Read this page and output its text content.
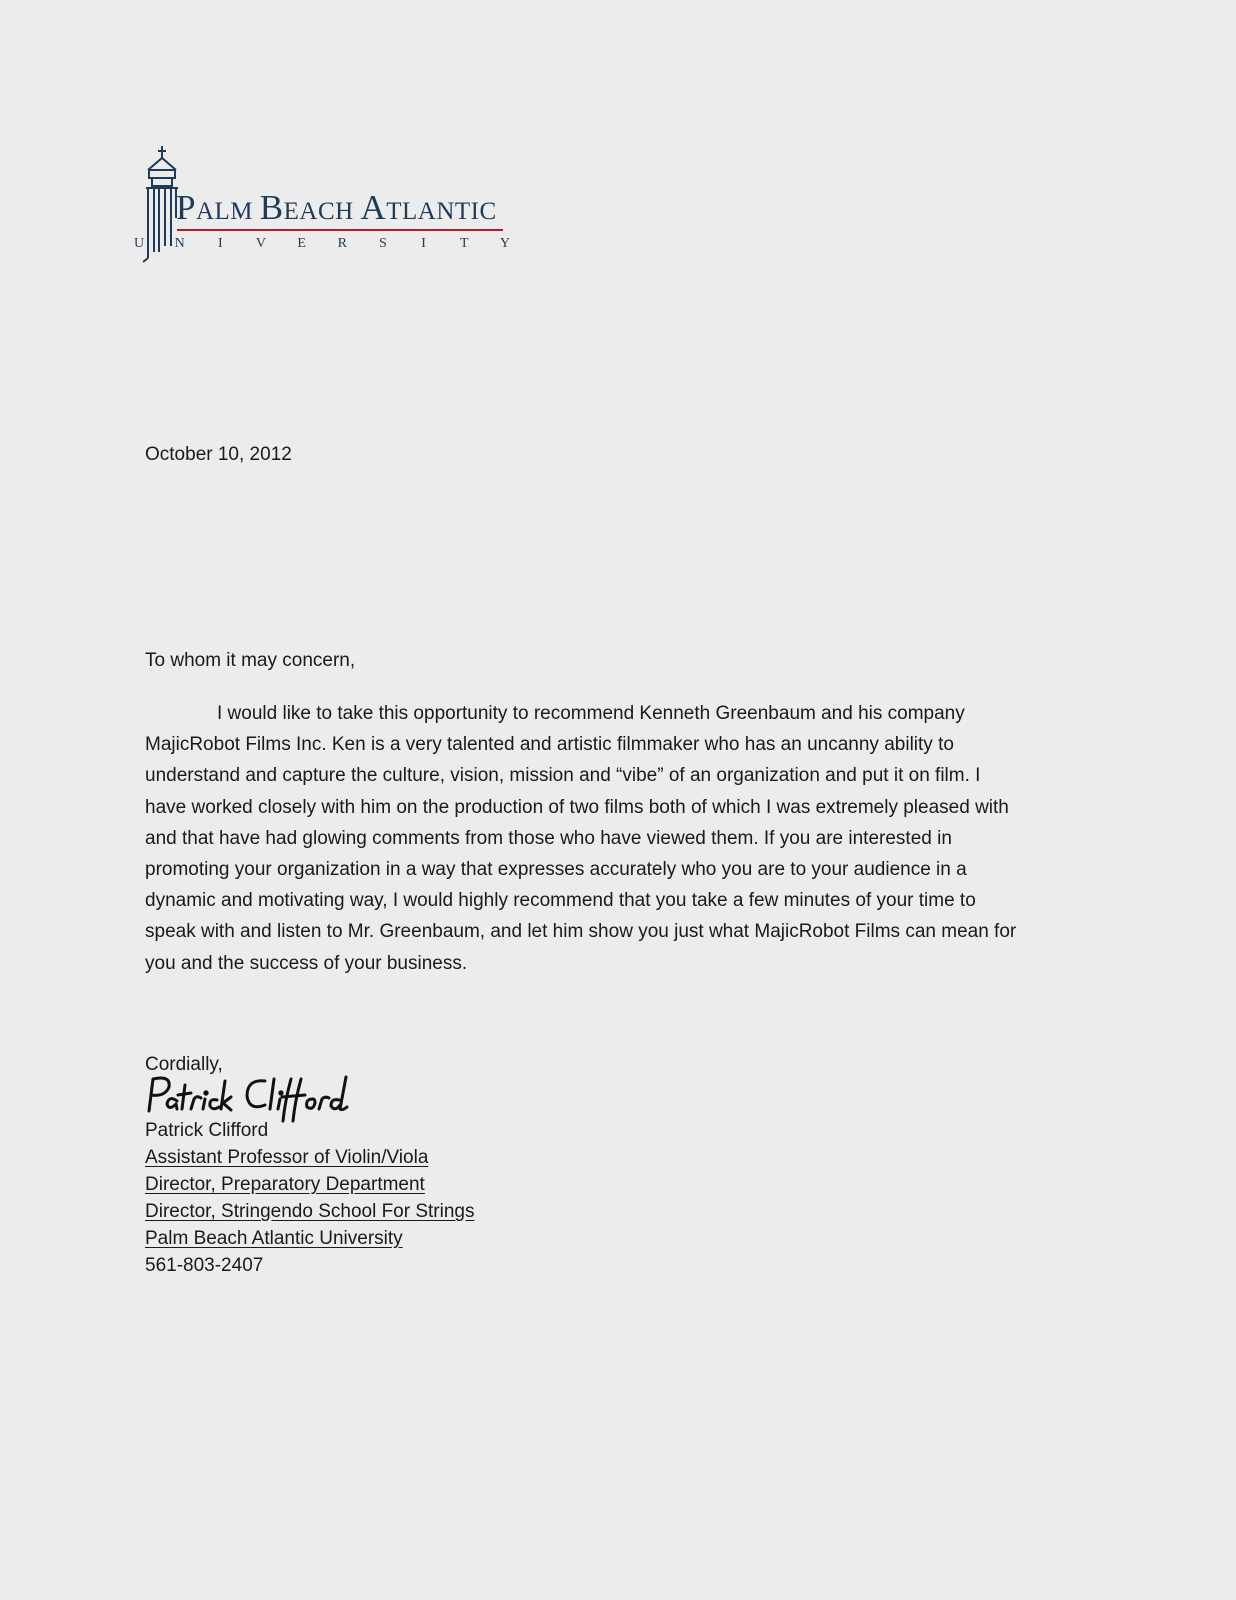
PALM BEACH ATLANTIC
U N	I	V E R S	I	T Y
October 10, 2012
To whom it may concern,
I would like to take this opportunity to recommend Kenneth Greenbaum and his company
MajicRobot Films Inc. Ken is a very talented and artistic filmmaker who has an uncanny ability to
understand and capture the culture, vision, mission and “vibe” of an organization and put it on film. I
have worked closely with him on the production of two films both of which I was extremely pleased with
and that have had glowing comments from those who have viewed them. If you are interested in
promoting your organization in a way that expresses accurately who you are to your audience in a
dynamic and motivating way, I would highly recommend that you take a few minutes of your time to
speak with and listen to Mr. Greenbaum, and let him show you just what MajicRobot Films can mean for
you and the success of your business.
Cordially,
Patrick Clifford
Assistant Professor of Violin/Viola
Director, Preparatory Department
Director, Stringendo School For Strings
Palm Beach Atlantic University
561-803-2407
